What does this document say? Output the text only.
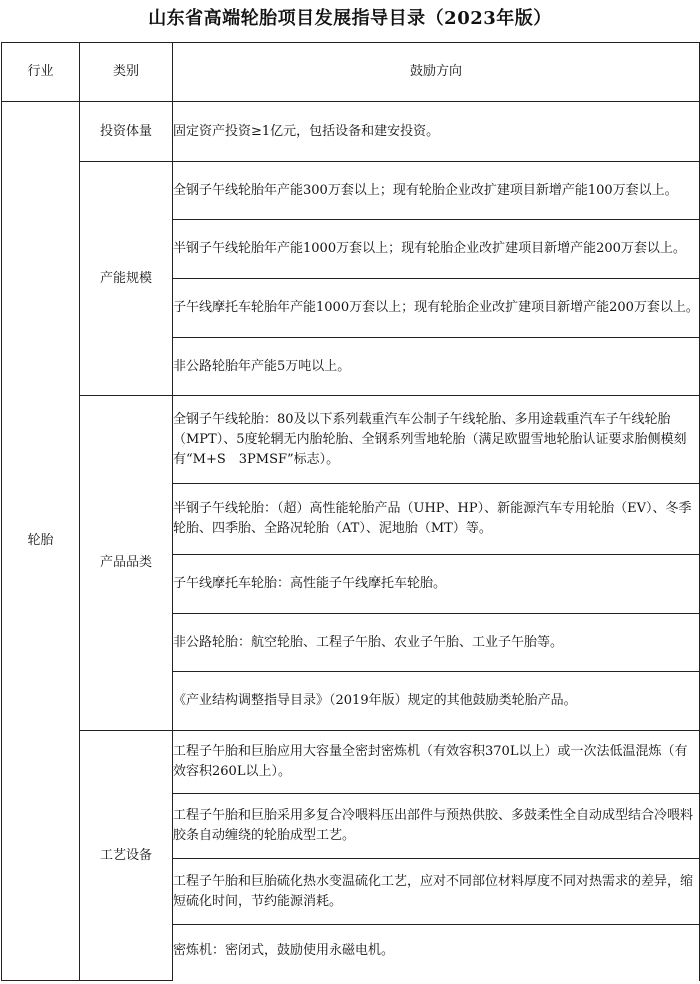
山东省高端轮胎项目发展指导目录（2023年版）
行业	类别	鼓励方向
轮胎	投资体量	固定资产投资≥1亿元，包括设备和建安投资。
	产能规模	全钢子午线轮胎年产能300万套以上；现有轮胎企业改扩建项目新增产能100万套以上。
		半钢子午线轮胎年产能1000万套以上；现有轮胎企业改扩建项目新增产能200万套以上。
		子午线摩托车轮胎年产能1000万套以上；现有轮胎企业改扩建项目新增产能200万套以上。
		非公路轮胎年产能5万吨以上。
	产品品类	全钢子午线轮胎：80及以下系列载重汽车公制子午线轮胎、多用途载重汽车子午线轮胎（MPT）、5度轮辋无内胎轮胎、全钢系列雪地轮胎（满足欧盟雪地轮胎认证要求胎侧模刻有“M+S　3PMSF”标志）。
		半钢子午线轮胎：（超）高性能轮胎产品（UHP、HP）、新能源汽车专用轮胎（EV）、冬季轮胎、四季胎、全路况轮胎（AT）、泥地胎（MT）等。
		子午线摩托车轮胎：高性能子午线摩托车轮胎。
		非公路轮胎：航空轮胎、工程子午胎、农业子午胎、工业子午胎等。
		《产业结构调整指导目录》（2019年版）规定的其他鼓励类轮胎产品。
	工艺设备	工程子午胎和巨胎应用大容量全密封密炼机（有效容积370L以上）或一次法低温混炼（有效容积260L以上）。
		工程子午胎和巨胎采用多复合冷喂料压出部件与预热供胶、多鼓柔性全自动成型结合冷喂料胶条自动缠绕的轮胎成型工艺。
		工程子午胎和巨胎硫化热水变温硫化工艺，应对不同部位材料厚度不同对热需求的差异，缩短硫化时间，节约能源消耗。
		密炼机：密闭式，鼓励使用永磁电机。
